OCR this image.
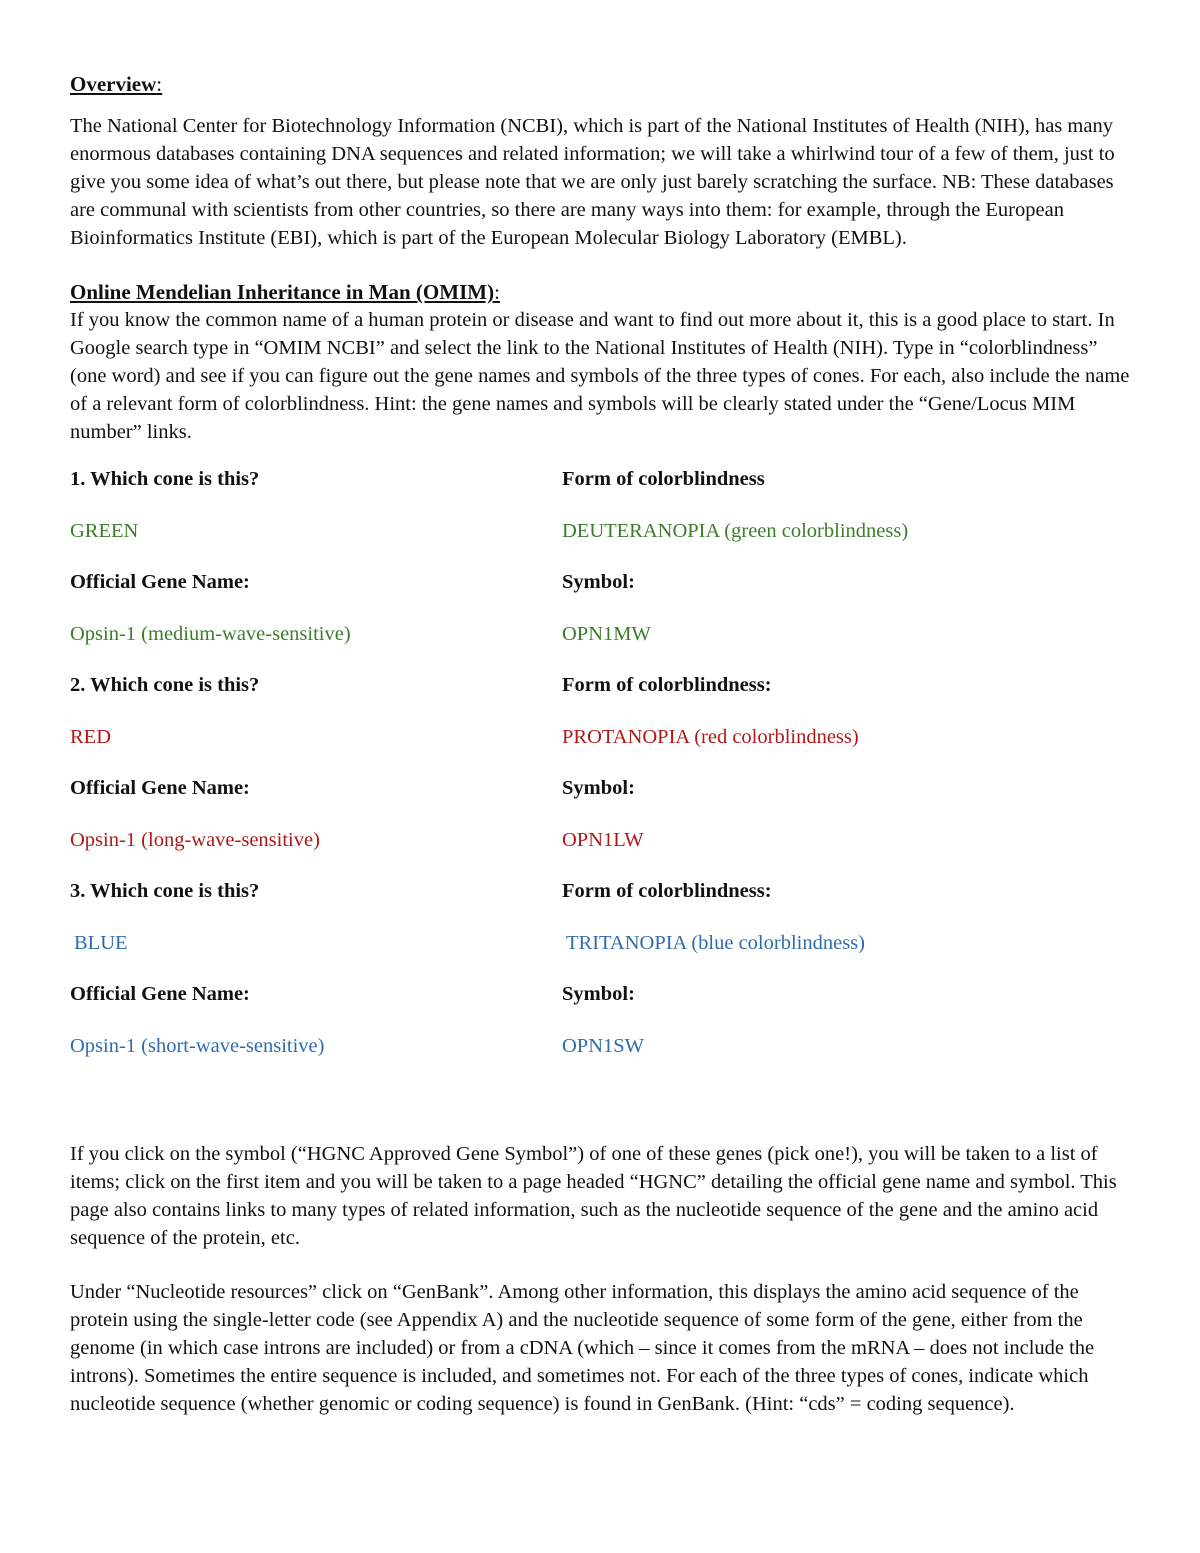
Overview:

The National Center for Biotechnology Information (NCBI), which is part of the National Institutes of Health (NIH), has many enormous databases containing DNA sequences and related information; we will take a whirlwind tour of a few of them, just to give you some idea of what’s out there, but please note that we are only just barely scratching the surface. NB: These databases are communal with scientists from other countries, so there are many ways into them: for example, through the European Bioinformatics Institute (EBI), which is part of the European Molecular Biology Laboratory (EMBL).

Online Mendelian Inheritance in Man (OMIM):

If you know the common name of a human protein or disease and want to find out more about it, this is a good place to start. In Google search type in “OMIM NCBI” and select the link to the National Institutes of Health (NIH). Type in “colorblindness” (one word) and see if you can figure out the gene names and symbols of the three types of cones. For each, also include the name of a relevant form of colorblindness. Hint: the gene names and symbols will be clearly stated under the “Gene/Locus MIM number” links.

1. Which cone is this?	Form of colorblindness
GREEN	DEUTERANOPIA (green colorblindness)
Official Gene Name:	Symbol:
Opsin-1 (medium-wave-sensitive)	OPN1MW
2. Which cone is this?	Form of colorblindness:
RED	PROTANOPIA (red colorblindness)
Official Gene Name:	Symbol:
Opsin-1 (long-wave-sensitive)	OPN1LW
3. Which cone is this?	Form of colorblindness:
BLUE	TRITANOPIA (blue colorblindness)
Official Gene Name:	Symbol:
Opsin-1 (short-wave-sensitive)	OPN1SW

If you click on the symbol (“HGNC Approved Gene Symbol”) of one of these genes (pick one!), you will be taken to a list of items; click on the first item and you will be taken to a page headed “HGNC” detailing the official gene name and symbol. This page also contains links to many types of related information, such as the nucleotide sequence of the gene and the amino acid sequence of the protein, etc.

Under “Nucleotide resources” click on “GenBank”. Among other information, this displays the amino acid sequence of the protein using the single-letter code (see Appendix A) and the nucleotide sequence of some form of the gene, either from the genome (in which case introns are included) or from a cDNA (which – since it comes from the mRNA – does not include the introns). Sometimes the entire sequence is included, and sometimes not. For each of the three types of cones, indicate which nucleotide sequence (whether genomic or coding sequence) is found in GenBank. (Hint: “cds” = coding sequence).
